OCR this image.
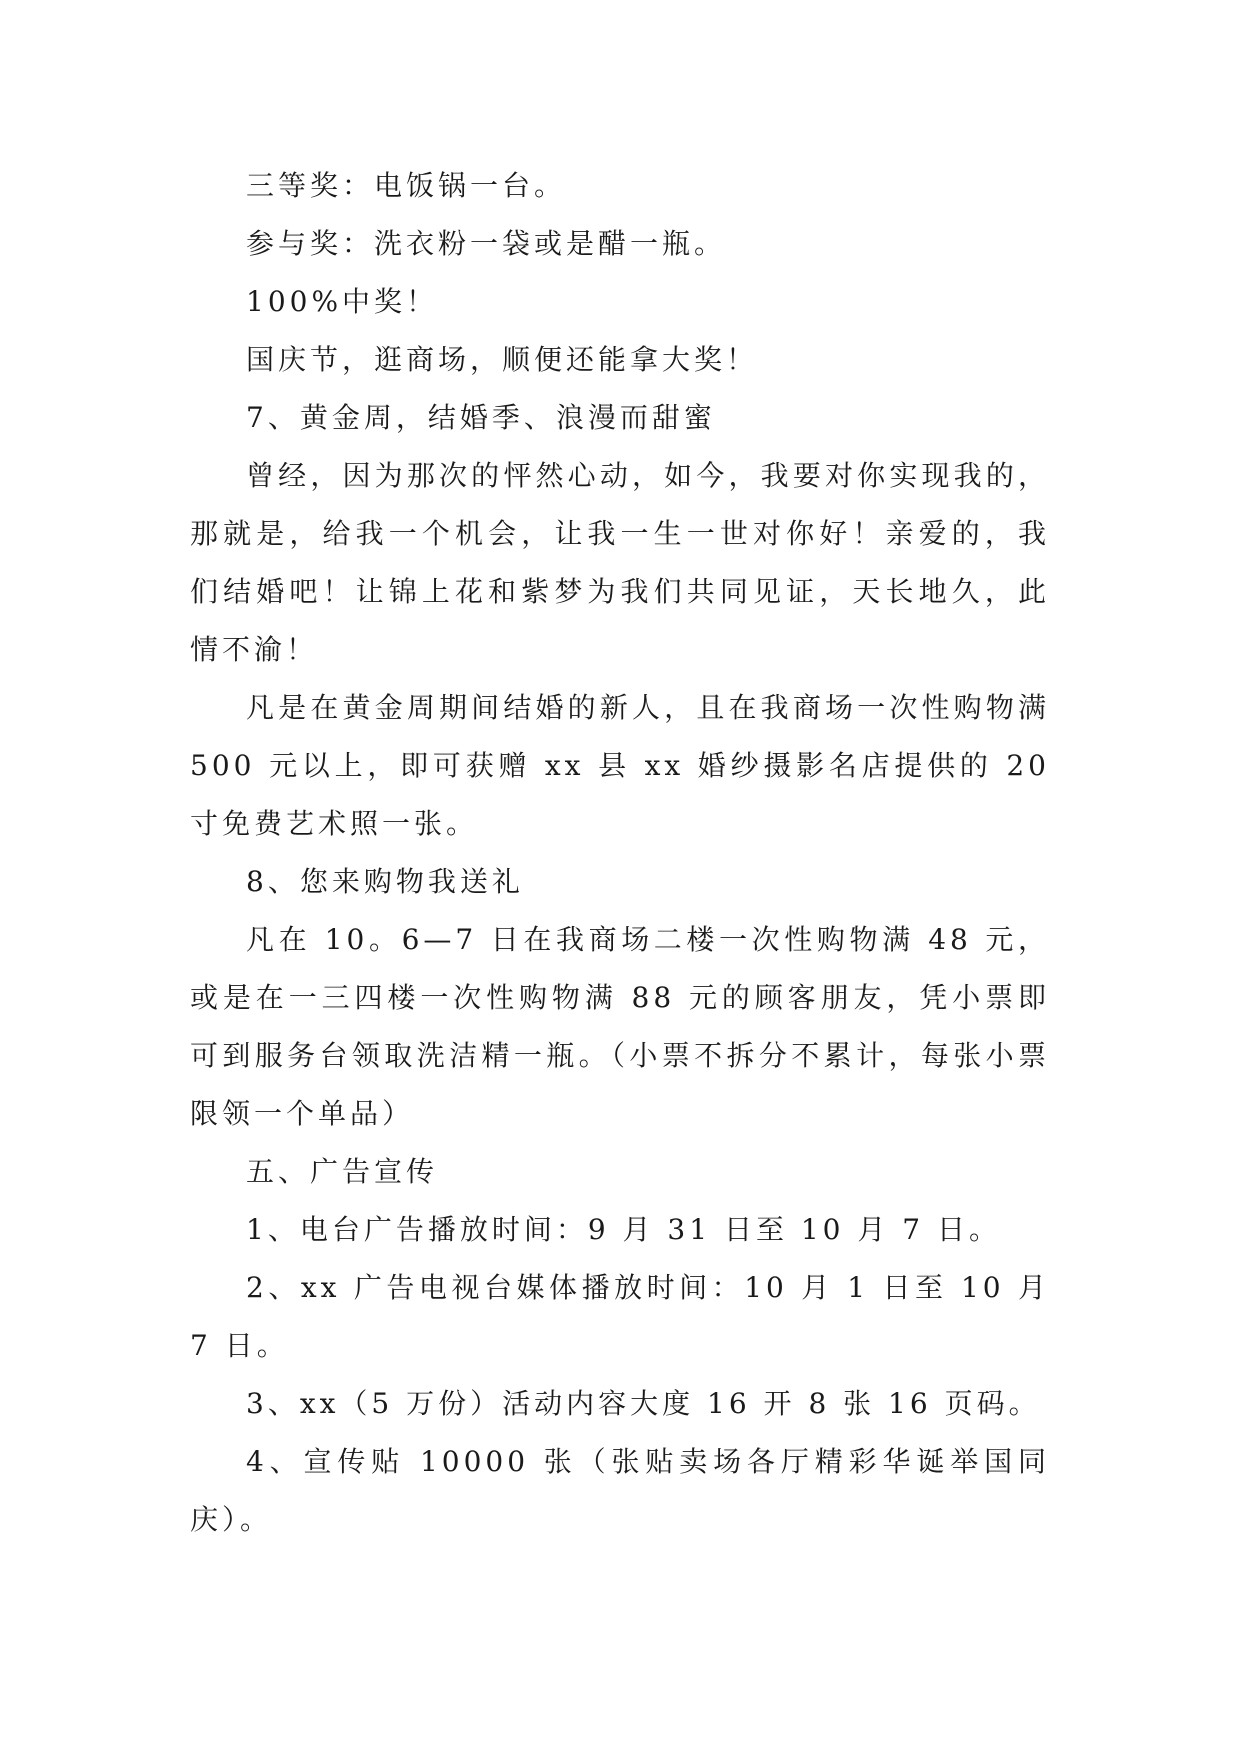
三等奖：电饭锅一台。

参与奖：洗衣粉一袋或是醋一瓶。

100%中奖！

国庆节，逛商场，顺便还能拿大奖！

7、黄金周，结婚季、浪漫而甜蜜

曾经，因为那次的怦然心动，如今，我要对你实现我的，那就是，给我一个机会，让我一生一世对你好！亲爱的，我们结婚吧！让锦上花和紫梦为我们共同见证，天长地久，此情不渝！

凡是在黄金周期间结婚的新人，且在我商场一次性购物满 500 元以上，即可获赠 xx 县 xx 婚纱摄影名店提供的 20 寸免费艺术照一张。

8、您来购物我送礼

凡在 10。6—7 日在我商场二楼一次性购物满 48 元，或是在一三四楼一次性购物满 88 元的顾客朋友，凭小票即可到服务台领取洗洁精一瓶。（小票不拆分不累计，每张小票限领一个单品）

五、广告宣传

1、电台广告播放时间：9 月 31 日至 10 月 7 日。

2、xx 广告电视台媒体播放时间：10 月 1 日至 10 月 7 日。

3、xx（5 万份）活动内容大度 16 开 8 张 16 页码。

4、宣传贴 10000 张（张贴卖场各厅精彩华诞举国同庆）。
